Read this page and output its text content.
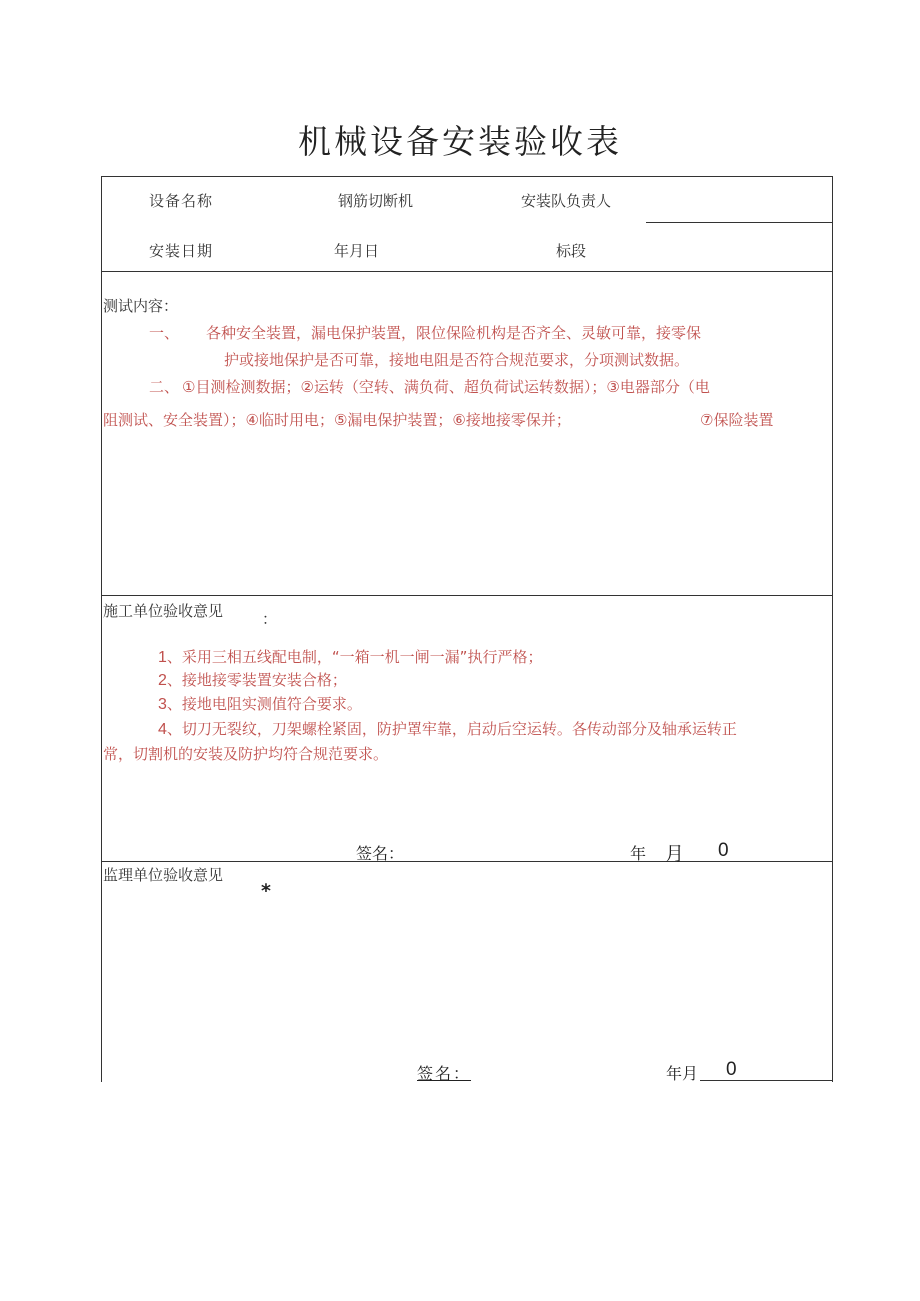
机械设备安装验收表
设备名称	钢筋切断机	安装队负责人
安装日期	年月日	标段
测试内容：
一、 各种安全装置，漏电保护装置，限位保险机构是否齐全、灵敏可靠，接零保
护或接地保护是否可靠，接地电阻是否符合规范要求，分项测试数据。
二、 ①目测检测数据；②运转（空转、满负荷、超负荷试运转数据）；③电器部分（电
阻测试、安全装置）；④临时用电；⑤漏电保护装置；⑥接地接零保并；	⑦保险装置
施工单位验收意见	：
1、采用三相五线配电制，“一箱一机一闸一漏”执行严格；
2、接地接零装置安装合格；
3、接地电阻实测值符合要求。
4、切刀无裂纹，刀架螺栓紧固，防护罩牢靠，启动后空运转。各传动部分及轴承运转正
常，切割机的安装及防护均符合规范要求。
签名：	年 月 0
监理单位验收意见
*
签名：	年月 0
